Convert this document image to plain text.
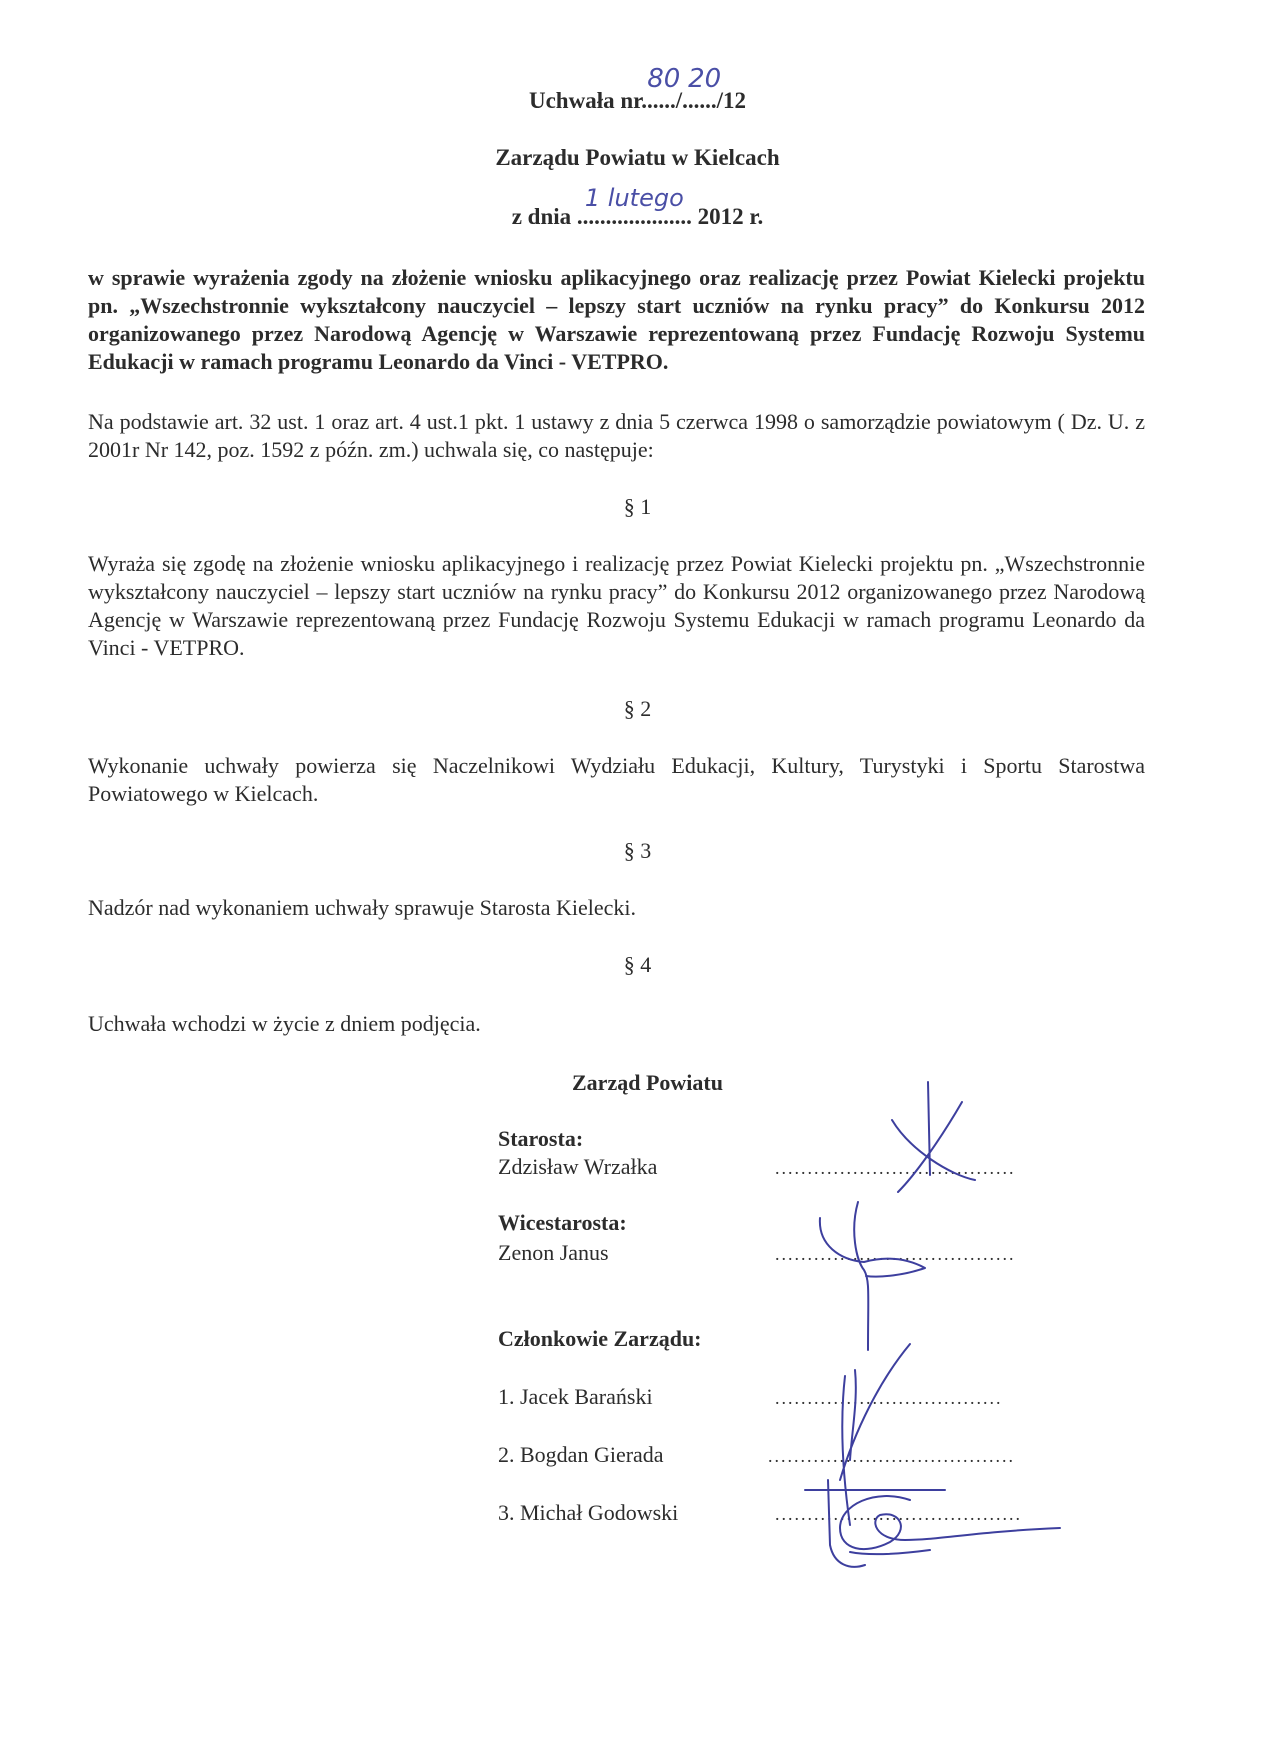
Uchwała nr......
80
/......
20
/12
Zarządu Powiatu w Kielcach
z dnia ....................
1 lutego
2012 r.
w sprawie wyrażenia zgody na złożenie wniosku aplikacyjnego oraz realizację przez Powiat Kielecki projektu pn. „Wszechstronnie wykształcony nauczyciel – lepszy start uczniów na rynku pracy” do Konkursu 2012 organizowanego przez Narodową Agencję w Warszawie reprezentowaną przez Fundację Rozwoju Systemu Edukacji w ramach programu Leonardo da Vinci - VETPRO.
Na podstawie art. 32 ust. 1 oraz art. 4 ust.1 pkt. 1 ustawy z dnia 5 czerwca 1998 o samorządzie powiatowym ( Dz. U. z 2001r Nr 142, poz. 1592 z późn. zm.) uchwala się, co następuje:
§ 1
Wyraża się zgodę na złożenie wniosku aplikacyjnego i realizację przez Powiat Kielecki projektu pn. „Wszechstronnie wykształcony nauczyciel – lepszy start uczniów na rynku pracy” do Konkursu 2012 organizowanego przez Narodową Agencję w Warszawie reprezentowaną przez Fundację Rozwoju Systemu Edukacji w ramach programu Leonardo da Vinci - VETPRO.
§ 2
Wykonanie uchwały powierza się Naczelnikowi Wydziału Edukacji, Kultury, Turystyki i Sportu Starostwa Powiatowego w Kielcach.
§ 3
Nadzór nad wykonaniem uchwały sprawuje Starosta Kielecki.
§ 4
Uchwała wchodzi w życie z dniem podjęcia.
Zarząd Powiatu
Starosta:
Zdzisław Wrzałka	.....................................
Wicestarosta:
Zenon Janus	.....................................
Członkowie Zarządu:
1. Jacek Barański	...................................
2. Bogdan Gierada	......................................
3. Michał Godowski	......................................
